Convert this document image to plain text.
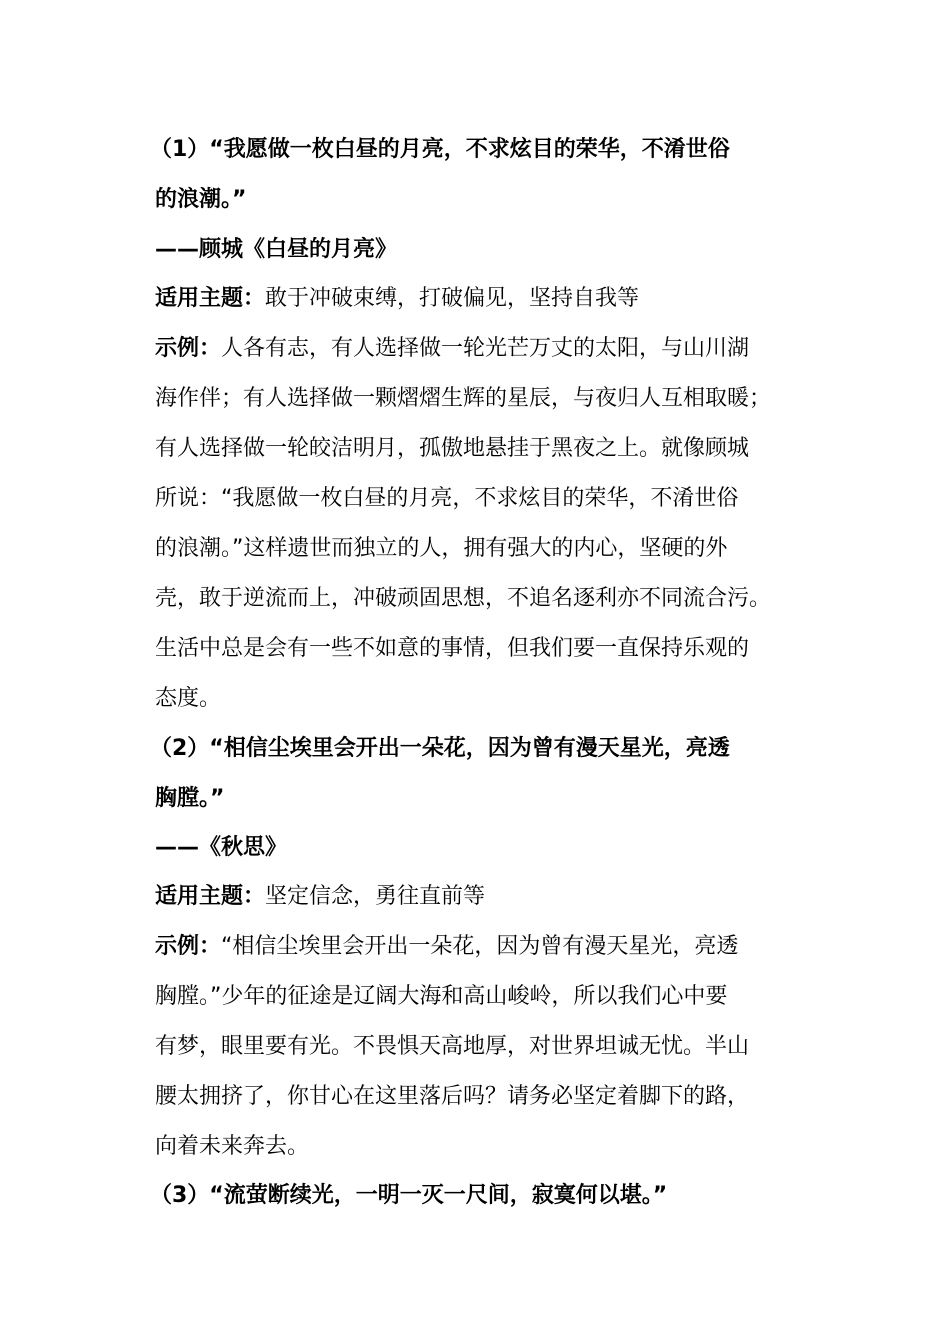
（1）“我愿做一枚白昼的月亮，不求炫目的荣华，不淆世俗
的浪潮。”
——顾城《白昼的月亮》
适用主题：敢于冲破束缚，打破偏见，坚持自我等
示例：人各有志，有人选择做一轮光芒万丈的太阳，与山川湖
海作伴；有人选择做一颗熠熠生辉的星辰，与夜归人互相取暖；
有人选择做一轮皎洁明月，孤傲地悬挂于黑夜之上。就像顾城
所说：“我愿做一枚白昼的月亮，不求炫目的荣华，不淆世俗
的浪潮。”这样遗世而独立的人，拥有强大的内心，坚硬的外
壳，敢于逆流而上，冲破顽固思想，不追名逐利亦不同流合污。
生活中总是会有一些不如意的事情，但我们要一直保持乐观的
态度。
（2）“相信尘埃里会开出一朵花，因为曾有漫天星光，亮透
胸膛。”
——《秋思》
适用主题：坚定信念，勇往直前等
示例：“相信尘埃里会开出一朵花，因为曾有漫天星光，亮透
胸膛。”少年的征途是辽阔大海和高山峻岭，所以我们心中要
有梦，眼里要有光。不畏惧天高地厚，对世界坦诚无忧。半山
腰太拥挤了，你甘心在这里落后吗？请务必坚定着脚下的路，
向着未来奔去。
（3）“流萤断续光，一明一灭一尺间，寂寞何以堪。”
